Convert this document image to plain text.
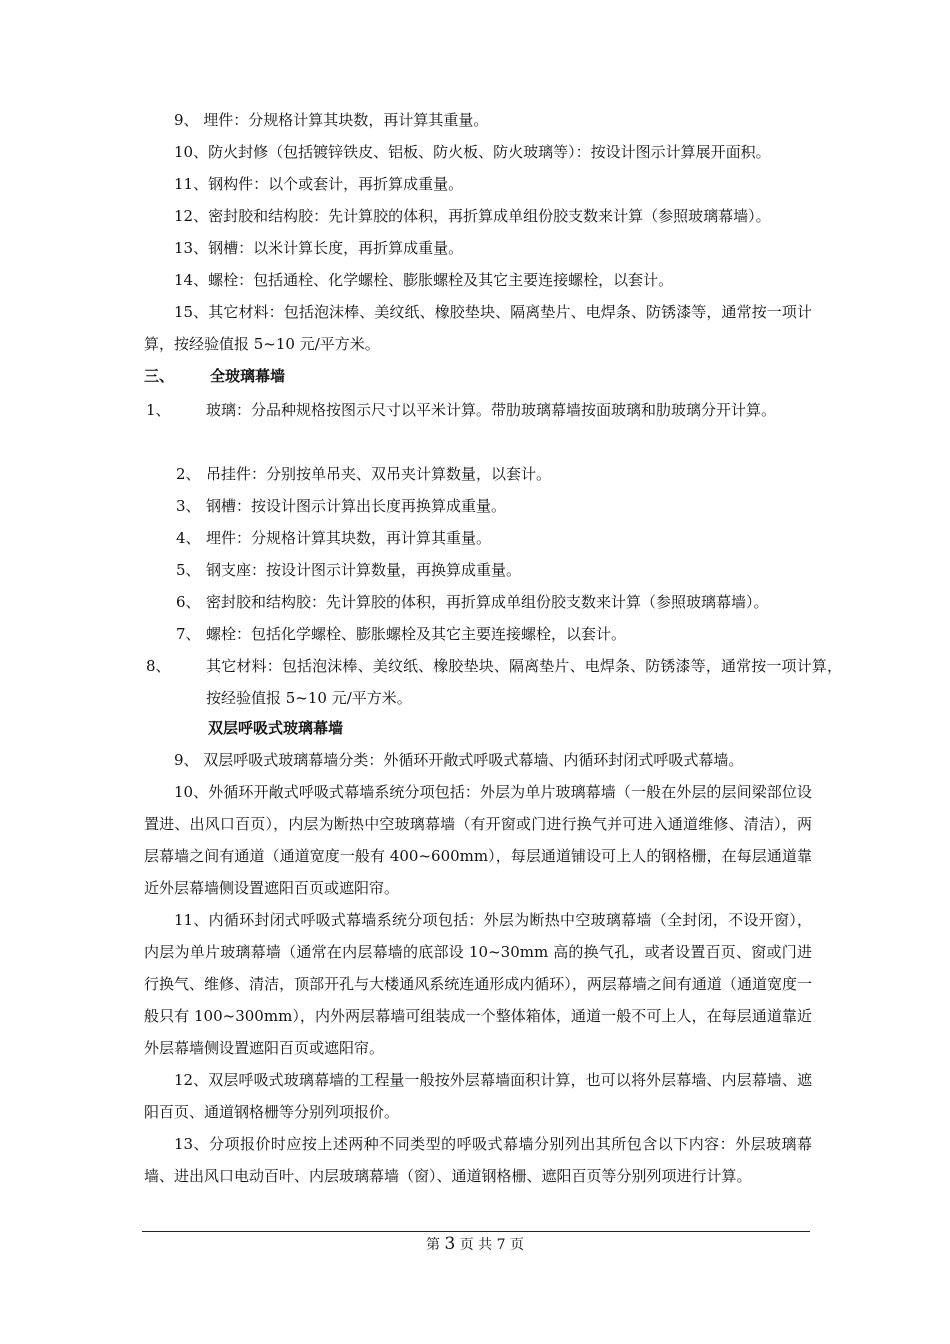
9、 埋件：分规格计算其块数，再计算其重量。

10、防火封修（包括镀锌铁皮、铝板、防火板、防火玻璃等）：按设计图示计算展开面积。

11、钢构件：以个或套计，再折算成重量。

12、密封胶和结构胶：先计算胶的体积，再折算成单组份胶支数来计算（参照玻璃幕墙）。

13、钢槽：以米计算长度，再折算成重量。

14、螺栓：包括通栓、化学螺栓、膨胀螺栓及其它主要连接螺栓，以套计。

15、其它材料：包括泡沫棒、美纹纸、橡胶垫块、隔离垫片、电焊条、防锈漆等，通常按一项计算，按经验值报 5~10 元/平方米。

三、 全玻璃幕墙

1、 玻璃：分品种规格按图示尺寸以平米计算。带肋玻璃幕墙按面玻璃和肋玻璃分开计算。

2、 吊挂件：分别按单吊夹、双吊夹计算数量，以套计。

3、 钢槽：按设计图示计算出长度再换算成重量。

4、 埋件：分规格计算其块数，再计算其重量。

5、 钢支座：按设计图示计算数量，再换算成重量。

6、 密封胶和结构胶：先计算胶的体积，再折算成单组份胶支数来计算（参照玻璃幕墙）。

7、 螺栓：包括化学螺栓、膨胀螺栓及其它主要连接螺栓，以套计。

8、 其它材料：包括泡沫棒、美纹纸、橡胶垫块、隔离垫片、电焊条、防锈漆等，通常按一项计算，按经验值报 5~10 元/平方米。

双层呼吸式玻璃幕墙

9、 双层呼吸式玻璃幕墙分类：外循环开敞式呼吸式幕墙、内循环封闭式呼吸式幕墙。

10、外循环开敞式呼吸式幕墙系统分项包括：外层为单片玻璃幕墙（一般在外层的层间梁部位设置进、出风口百页），内层为断热中空玻璃幕墙（有开窗或门进行换气并可进入通道维修、清洁），两层幕墙之间有通道（通道宽度一般有 400~600mm），每层通道铺设可上人的钢格栅，在每层通道靠近外层幕墙侧设置遮阳百页或遮阳帘。

11、内循环封闭式呼吸式幕墙系统分项包括：外层为断热中空玻璃幕墙（全封闭，不设开窗），内层为单片玻璃幕墙（通常在内层幕墙的底部设 10~30mm 高的换气孔，或者设置百页、窗或门进行换气、维修、清洁，顶部开孔与大楼通风系统连通形成内循环），两层幕墙之间有通道（通道宽度一般只有 100~300mm），内外两层幕墙可组装成一个整体箱体，通道一般不可上人，在每层通道靠近外层幕墙侧设置遮阳百页或遮阳帘。

12、双层呼吸式玻璃幕墙的工程量一般按外层幕墙面积计算，也可以将外层幕墙、内层幕墙、遮阳百页、通道钢格栅等分别列项报价。

13、分项报价时应按上述两种不同类型的呼吸式幕墙分别列出其所包含以下内容：外层玻璃幕墙、进出风口电动百叶、内层玻璃幕墙（窗）、通道钢格栅、遮阳百页等分别列项进行计算。

第 3 页 共 7 页
